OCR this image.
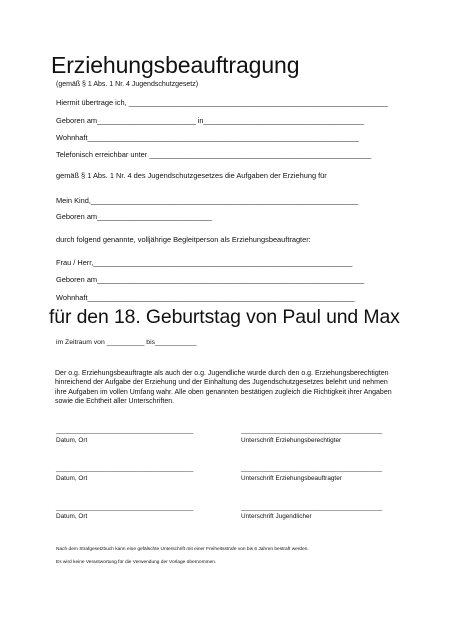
Erziehungsbeauftragung
(gemäß § 1 Abs. 1 Nr. 4 Jugendschutzgesetz)
Hiermit übertrage ich, _______________________________________________________________
Geboren am________________________ in_______________________________________
Wohnhaft__________________________________________________________________
Telefonisch erreichbar unter ______________________________________________________
gemäß § 1 Abs. 1 Nr. 4 des Jugendschutzgesetzes die Aufgaben der Erziehung für
Mein Kind,_________________________________________________________________
Geboren am____________________________
durch folgend genannte, volljährige Begleitperson als Erziehungsbeauftragter:
Frau / Herr,_______________________________________________________________
Geboren am_________________________________________________________________
Wohnhaft_________________________________________________________________
für den 18. Geburtstag von Paul und Max
im Zeitraum von __________ bis___________
Der o.g. Erziehungsbeauftragte als auch der o.g. Jugendliche wurde durch den o.g. Erziehungsberechtigten hinreichend der Aufgabe der Erziehung und der Einhaltung des Jugendschutzgesetzes belehrt und nehmen ihre Aufgaben im vollen Umfang wahr. Alle oben genannten bestätigen zugleich die Richtigkeit ihrer Angaben sowie die Echtheit aller Unterschriften.
______________________________________	_______________________________________
Datum, Ort	Unterschrift Erziehungsberechtigter
______________________________________	_______________________________________
Datum, Ort	Unterschrift Erziehungsbeauftragter
______________________________________	_______________________________________
Datum, Ort	Unterschrift Jugendlicher
Nach dem Strafgesetzbuch kann eine gefälschte Unterschrift mit einer Freiheitsstrafe von bis 6 Jahren bestraft werden.
Es wird keine Verantwortung für die Verwendung der Vorlage übernommen.
